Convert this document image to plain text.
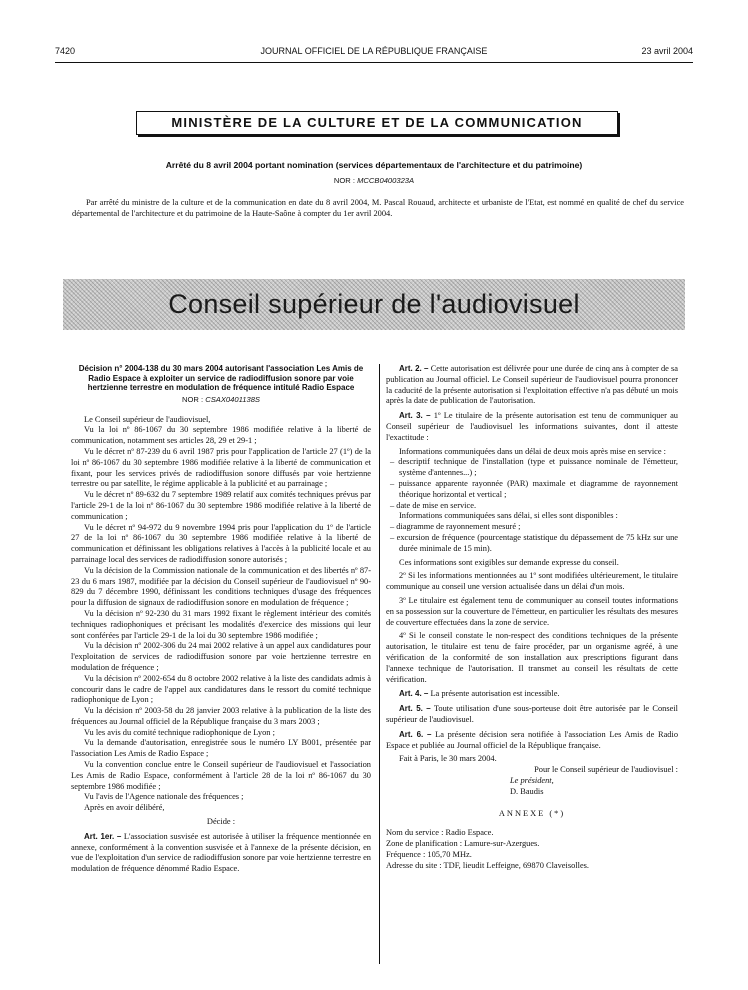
7420	JOURNAL OFFICIEL DE LA RÉPUBLIQUE FRANÇAISE	23 avril 2004
MINISTÈRE DE LA CULTURE ET DE LA COMMUNICATION
Arrêté du 8 avril 2004 portant nomination (services départementaux de l'architecture et du patrimoine)
NOR : MCCB0400323A
Par arrêté du ministre de la culture et de la communication en date du 8 avril 2004, M. Pascal Rouaud, architecte et urbaniste de l'Etat, est nommé en qualité de chef du service départemental de l'architecture et du patrimoine de la Haute-Saône à compter du 1er avril 2004.
Conseil supérieur de l'audiovisuel

Décision n° 2004-138 du 30 mars 2004 autorisant l'association Les Amis de Radio Espace à exploiter un service de radiodiffusion sonore par voie hertzienne terrestre en modulation de fréquence intitulé Radio Espace

NOR : CSAX0401138S

Le Conseil supérieur de l'audiovisuel,

Vu la loi nº 86-1067 du 30 septembre 1986 modifiée relative à la liberté de communication, notamment ses articles 28, 29 et 29-1 ;

Vu le décret nº 87-239 du 6 avril 1987 pris pour l'application de l'article 27 (1º) de la loi nº 86-1067 du 30 septembre 1986 modifiée relative à la liberté de communication et fixant, pour les services privés de radiodiffusion sonore diffusés par voie hertzienne terrestre ou par satellite, le régime applicable à la publicité et au parrainage ;

Vu le décret nº 89-632 du 7 septembre 1989 relatif aux comités techniques prévus par l'article 29-1 de la loi nº 86-1067 du 30 septembre 1986 modifiée relative à la liberté de communication ;

Vu le décret nº 94-972 du 9 novembre 1994 pris pour l'application du 1º de l'article 27 de la loi nº 86-1067 du 30 septembre 1986 modifiée relative à la liberté de communication et définissant les obligations relatives à l'accès à la publicité locale et au parrainage local des services de radiodiffusion sonore autorisés ;

Vu la décision de la Commission nationale de la communication et des libertés nº 87-23 du 6 mars 1987, modifiée par la décision du Conseil supérieur de l'audiovisuel nº 90-829 du 7 décembre 1990, définissant les conditions techniques d'usage des fréquences pour la diffusion de signaux de radiodiffusion sonore en modulation de fréquence ;

Vu la décision nº 92-230 du 31 mars 1992 fixant le règlement intérieur des comités techniques radiophoniques et précisant les modalités d'exercice des missions qui leur sont conférées par l'article 29-1 de la loi du 30 septembre 1986 modifiée ;

Vu la décision nº 2002-306 du 24 mai 2002 relative à un appel aux candidatures pour l'exploitation de services de radiodiffusion sonore par voie hertzienne terrestre en modulation de fréquence ;

Vu la décision nº 2002-654 du 8 octobre 2002 relative à la liste des candidats admis à concourir dans le cadre de l'appel aux candidatures dans le ressort du comité technique radiophonique de Lyon ;

Vu la décision nº 2003-58 du 28 janvier 2003 relative à la publication de la liste des fréquences au Journal officiel de la République française du 3 mars 2003 ;

Vu les avis du comité technique radiophonique de Lyon ;

Vu la demande d'autorisation, enregistrée sous le numéro LY B001, présentée par l'association Les Amis de Radio Espace ;

Vu la convention conclue entre le Conseil supérieur de l'audiovisuel et l'association Les Amis de Radio Espace, conformément à l'article 28 de la loi nº 86-1067 du 30 septembre 1986 modifiée ;

Vu l'avis de l'Agence nationale des fréquences ;

Après en avoir délibéré,

Décide :

Art. 1er. – L'association susvisée est autorisée à utiliser la fréquence mentionnée en annexe, conformément à la convention susvisée et à l'annexe de la présente décision, en vue de l'exploitation d'un service de radiodiffusion sonore par voie hertzienne terrestre en modulation de fréquence dénommé Radio Espace.

Art. 2. – Cette autorisation est délivrée pour une durée de cinq ans à compter de sa publication au Journal officiel. Le Conseil supérieur de l'audiovisuel pourra prononcer la caducité de la présente autorisation si l'exploitation effective n'a pas débuté un mois après la date de publication de l'autorisation.

Art. 3. – 1º Le titulaire de la présente autorisation est tenu de communiquer au Conseil supérieur de l'audiovisuel les informations suivantes, dont il atteste l'exactitude :

Informations communiquées dans un délai de deux mois après mise en service :

– descriptif technique de l'installation (type et puissance nominale de l'émetteur, système d'antennes...) ;

– puissance apparente rayonnée (PAR) maximale et diagramme de rayonnement théorique horizontal et vertical ;

– date de mise en service.

Informations communiquées sans délai, si elles sont disponibles :

– diagramme de rayonnement mesuré ;

– excursion de fréquence (pourcentage statistique du dépassement de 75 kHz sur une durée minimale de 15 min).

Ces informations sont exigibles sur demande expresse du conseil.

2º Si les informations mentionnées au 1º sont modifiées ultérieurement, le titulaire communique au conseil une version actualisée dans un délai d'un mois.

3º Le titulaire est également tenu de communiquer au conseil toutes informations en sa possession sur la couverture de l'émetteur, en particulier les résultats des mesures de couverture effectuées dans la zone de service.

4º Si le conseil constate le non-respect des conditions techniques de la présente autorisation, le titulaire est tenu de faire procéder, par un organisme agréé, à une vérification de la conformité de son installation aux prescriptions figurant dans l'annexe technique de l'autorisation. Il transmet au conseil les résultats de cette vérification.

Art. 4. – La présente autorisation est incessible.

Art. 5. – Toute utilisation d'une sous-porteuse doit être autorisée par le Conseil supérieur de l'audiovisuel.

Art. 6. – La présente décision sera notifiée à l'association Les Amis de Radio Espace et publiée au Journal officiel de la République française.

Fait à Paris, le 30 mars 2004.

Pour le Conseil supérieur de l'audiovisuel :

Le président,

D. Baudis

ANNEXE (*)

Nom du service : Radio Espace.

Zone de planification : Lamure-sur-Azergues.

Fréquence : 105,70 MHz.

Adresse du site : TDF, lieudit Leffeigne, 69870 Claveisolles.
